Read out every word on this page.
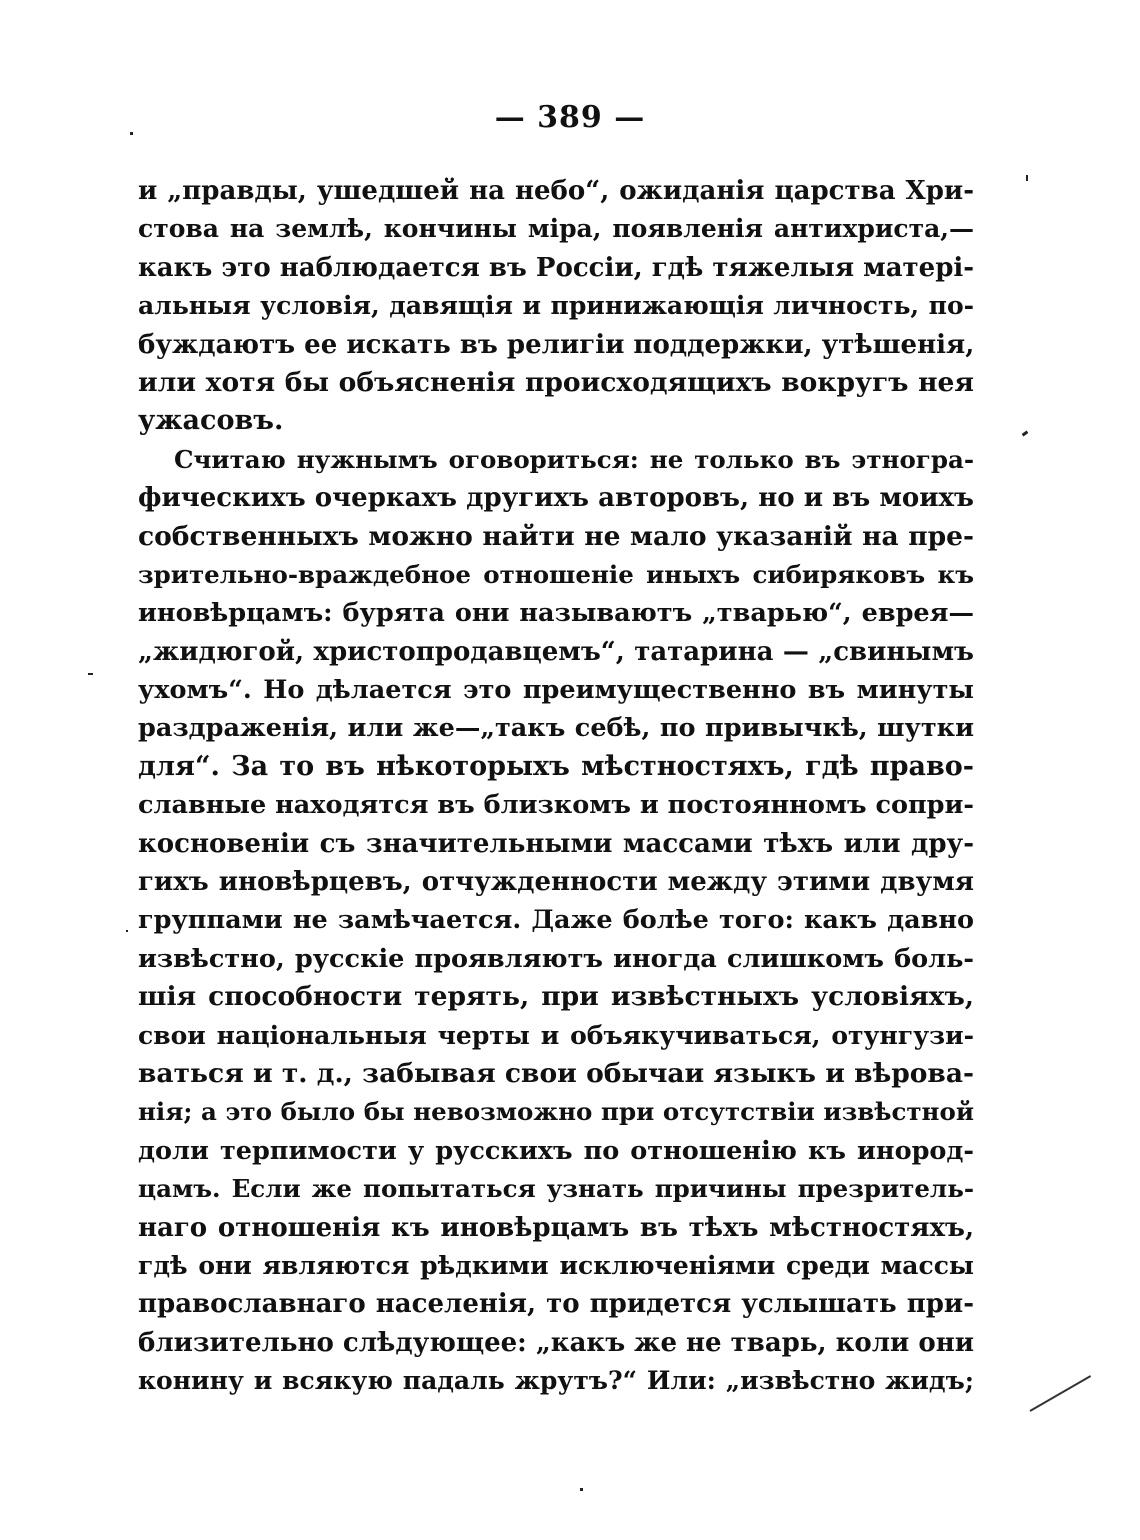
— 389 —
и „правды, ушедшей на небо“, ожиданія царства Хри-
стова на землѣ, кончины міра, появленія антихриста,—
какъ это наблюдается въ Россіи, гдѣ тяжелыя матері-
альныя условія, давящія и принижающія личность, по-
буждаютъ ее искать въ религіи поддержки, утѣшенія,
или хотя бы объясненія происходящихъ вокругъ нея
ужасовъ.
Считаю нужнымъ оговориться: не только въ этногра-
фическихъ очеркахъ другихъ авторовъ, но и въ моихъ
собственныхъ можно найти не мало указаній на пре-
зрительно-враждебное отношеніе иныхъ сибиряковъ къ
иновѣрцамъ: бурята они называютъ „тварью“, еврея—
„жидюгой, христопродавцемъ“, татарина — „свинымъ
ухомъ“. Но дѣлается это преимущественно въ минуты
раздраженія, или же—„такъ себѣ, по привычкѣ, шутки
для“. За то въ нѣкоторыхъ мѣстностяхъ, гдѣ право-
славные находятся въ близкомъ и постоянномъ сопри-
косновеніи съ значительными массами тѣхъ или дру-
гихъ иновѣрцевъ, отчужденности между этими двумя
группами не замѣчается. Даже болѣе того: какъ давно
извѣстно, русскіе проявляютъ иногда слишкомъ боль-
шія способности терять, при извѣстныхъ условіяхъ,
свои національныя черты и объякучиваться, отунгузи-
ваться и т. д., забывая свои обычаи языкъ и вѣрова-
нія; а это было бы невозможно при отсутствіи извѣстной
доли терпимости у русскихъ по отношенію къ инород-
цамъ. Если же попытаться узнать причины презритель-
наго отношенія къ иновѣрцамъ въ тѣхъ мѣстностяхъ,
гдѣ они являются рѣдкими исключеніями среди массы
православнаго населенія, то придется услышать при-
близительно слѣдующее: „какъ же не тварь, коли они
конину и всякую падаль жрутъ?“ Или: „извѣстно жидъ;
